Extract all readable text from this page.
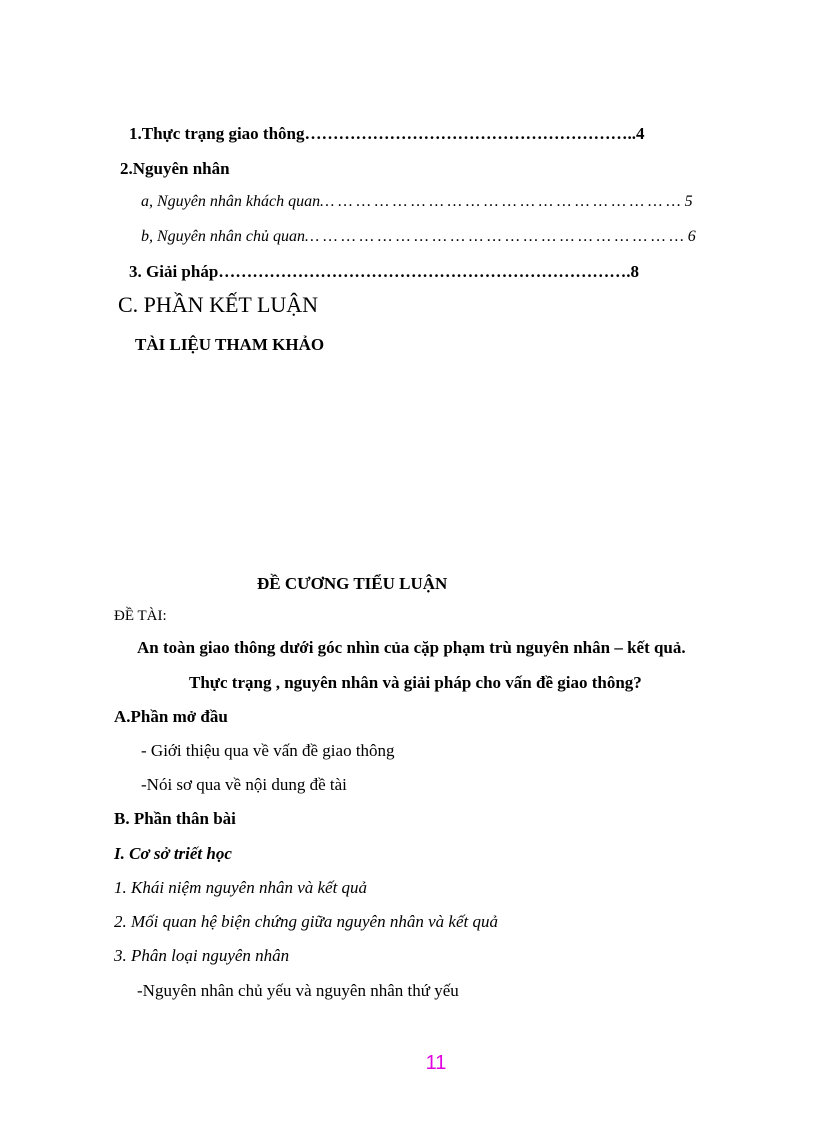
1.Thực trạng giao thông…………………………………………………..4
2.Nguyên nhân
a, Nguyên nhân khách quan… … … … … … … … … … … … … … … … … … … … 5
b, Nguyên nhân chủ quan… … … … … … … … … … … … … … … … … … … … … 6
3. Giải pháp……………………………………………………………….8
C. PHẦN KẾT LUẬN
TÀI LIỆU THAM KHẢO
ĐỀ CƯƠNG TIỂU LUẬN
ĐỀ TÀI:
An toàn giao thông dưới góc nhìn của cặp phạm trù nguyên nhân – kết quả.
Thực trạng , nguyên nhân và giải pháp cho vấn đề giao thông?
A.Phần mở đầu
- Giới thiệu qua về vấn đề giao thông
-Nói sơ qua về nội dung đề tài
B. Phần thân bài
I. Cơ sở triết học
1. Khái niệm nguyên nhân và kết quả
2. Mối quan hệ biện chứng giữa nguyên nhân và kết quả
3. Phân loại nguyên nhân
-Nguyên nhân chủ yếu và nguyên nhân thứ yếu
11
